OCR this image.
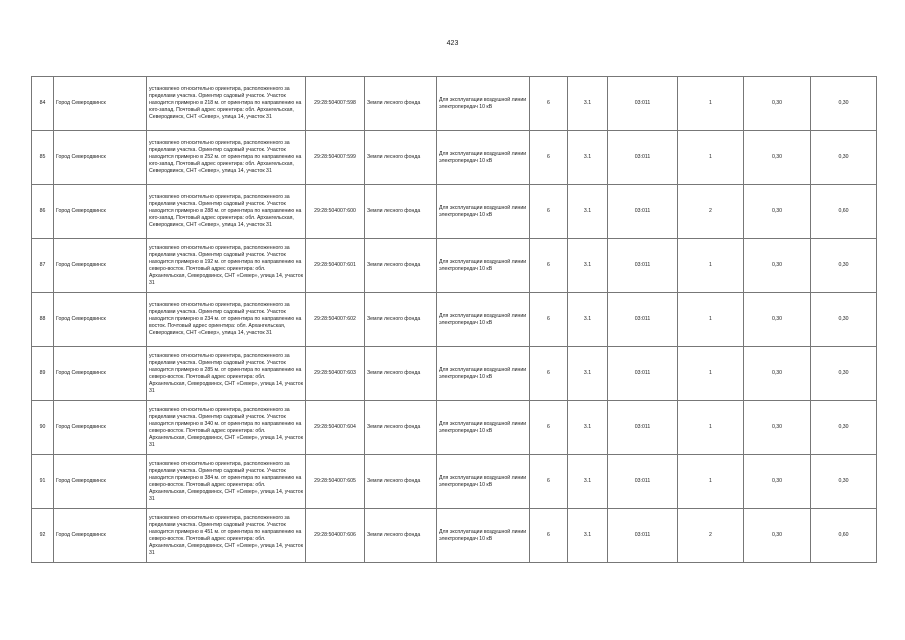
423
84	Город Северодвинск	установлено относительно ориентира, расположенного за пределами участка. Ориентир садовый участок. Участок находится примерно в 218 м. от ориентира по направлению на юго-запад. Почтовый адрес ориентира: обл. Архангельская, Северодвинск, СНТ «Север», улица 14, участок 31	29:28:504007:598	Земли лесного фонда	Для эксплуатации воздушной линии электропередач 10 кВ	6	3.1	03:011	1	0,30	0,30
85	Город Северодвинск	установлено относительно ориентира, расположенного за пределами участка. Ориентир садовый участок. Участок находится примерно в 252 м. от ориентира по направлению на юго-запад. Почтовый адрес ориентира: обл. Архангельская, Северодвинск, СНТ «Север», улица 14, участок 31	29:28:504007:599	Земли лесного фонда	Для эксплуатации воздушной линии электропередач 10 кВ	6	3.1	03:011	1	0,30	0,30
86	Город Северодвинск	установлено относительно ориентира, расположенного за пределами участка. Ориентир садовый участок. Участок находится примерно в 288 м. от ориентира по направлению на юго-запад. Почтовый адрес ориентира: обл. Архангельская, Северодвинск, СНТ «Север», улица 14, участок 31	29:28:504007:600	Земли лесного фонда	Для эксплуатации воздушной линии электропередач 10 кВ	6	3.1	03:011	2	0,30	0,60
87	Город Северодвинск	установлено относительно ориентира, расположенного за пределами участка. Ориентир садовый участок. Участок находится примерно в 192 м. от ориентира по направлению на северо-восток. Почтовый адрес ориентира: обл. Архангельская, Северодвинск, СНТ «Север», улица 14, участок 31	29:28:504007:601	Земли лесного фонда	Для эксплуатации воздушной линии электропередач 10 кВ	6	3.1	03:011	1	0,30	0,30
88	Город Северодвинск	установлено относительно ориентира, расположенного за пределами участка. Ориентир садовый участок. Участок находится примерно в 234 м. от ориентира по направлению на восток. Почтовый адрес ориентира: обл. Архангельская, Северодвинск, СНТ «Север», улица 14, участок 31	29:28:504007:602	Земли лесного фонда	Для эксплуатации воздушной линии электропередач 10 кВ	6	3.1	03:011	1	0,30	0,30
89	Город Северодвинск	установлено относительно ориентира, расположенного за пределами участка. Ориентир садовый участок. Участок находится примерно в 285 м. от ориентира по направлению на северо-восток. Почтовый адрес ориентира: обл. Архангельская, Северодвинск, СНТ «Север», улица 14, участок 31	29:28:504007:603	Земли лесного фонда	Для эксплуатации воздушной линии электропередач 10 кВ	6	3.1	03:011	1	0,30	0,30
90	Город Северодвинск	установлено относительно ориентира, расположенного за пределами участка. Ориентир садовый участок. Участок находится примерно в 340 м. от ориентира по направлению на северо-восток. Почтовый адрес ориентира: обл. Архангельская, Северодвинск, СНТ «Север», улица 14, участок 31	29:28:504007:604	Земли лесного фонда	Для эксплуатации воздушной линии электропередач 10 кВ	6	3.1	03:011	1	0,30	0,30
91	Город Северодвинск	установлено относительно ориентира, расположенного за пределами участка. Ориентир садовый участок. Участок находится примерно в 384 м. от ориентира по направлению на северо-восток. Почтовый адрес ориентира: обл. Архангельская, Северодвинск, СНТ «Север», улица 14, участок 31	29:28:504007:605	Земли лесного фонда	Для эксплуатации воздушной линии электропередач 10 кВ	6	3.1	03:011	1	0,30	0,30
92	Город Северодвинск	установлено относительно ориентира, расположенного за пределами участка. Ориентир садовый участок. Участок находится примерно в 451 м. от ориентира по направлению на северо-восток. Почтовый адрес ориентира: обл. Архангельская, Северодвинск, СНТ «Север», улица 14, участок 31	29:28:504007:606	Земли лесного фонда	Для эксплуатации воздушной линии электропередач 10 кВ	6	3.1	03:011	2	0,30	0,60
